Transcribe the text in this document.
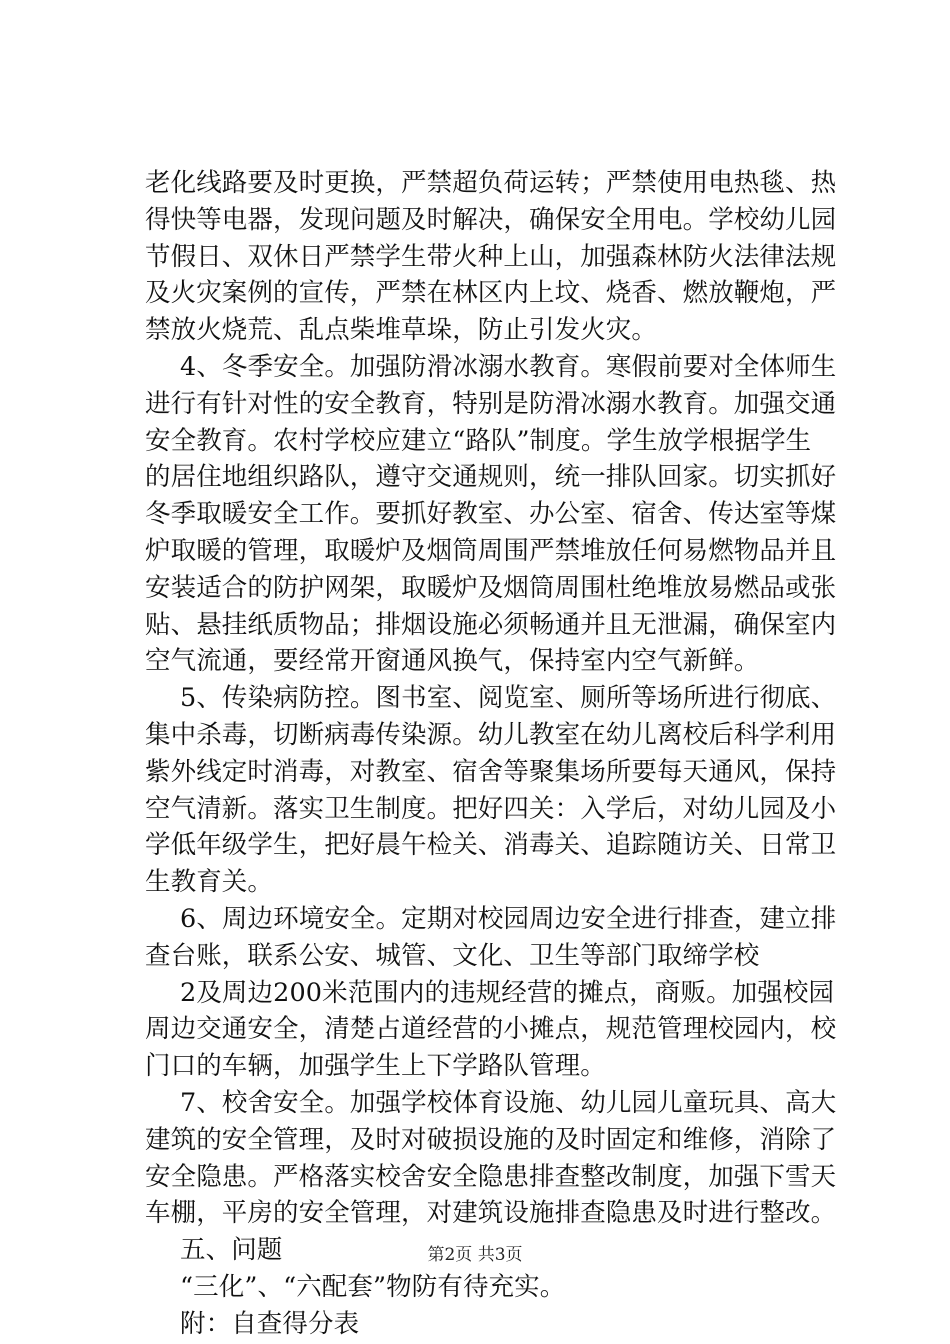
老化线路要及时更换，严禁超负荷运转；严禁使用电热毯、热
得快等电器，发现问题及时解决，确保安全用电。学校幼儿园
节假日、双休日严禁学生带火种上山，加强森林防火法律法规
及火灾案例的宣传，严禁在林区内上坟、烧香、燃放鞭炮，严
禁放火烧荒、乱点柴堆草垛，防止引发火灾。
4、冬季安全。加强防滑冰溺水教育。寒假前要对全体师生
进行有针对性的安全教育，特别是防滑冰溺水教育。加强交通
安全教育。农村学校应建立“路队”制度。学生放学根据学生
的居住地组织路队，遵守交通规则，统一排队回家。切实抓好
冬季取暖安全工作。要抓好教室、办公室、宿舍、传达室等煤
炉取暖的管理，取暖炉及烟筒周围严禁堆放任何易燃物品并且
安装适合的防护网架，取暖炉及烟筒周围杜绝堆放易燃品或张
贴、悬挂纸质物品；排烟设施必须畅通并且无泄漏，确保室内
空气流通，要经常开窗通风换气，保持室内空气新鲜。
5、传染病防控。图书室、阅览室、厕所等场所进行彻底、
集中杀毒，切断病毒传染源。幼儿教室在幼儿离校后科学利用
紫外线定时消毒，对教室、宿舍等聚集场所要每天通风，保持
空气清新。落实卫生制度。把好四关：入学后，对幼儿园及小
学低年级学生，把好晨午检关、消毒关、追踪随访关、日常卫
生教育关。
6、周边环境安全。定期对校园周边安全进行排查，建立排
查台账，联系公安、城管、文化、卫生等部门取缔学校
2及周边200米范围内的违规经营的摊点，商贩。加强校园
周边交通安全，清楚占道经营的小摊点，规范管理校园内，校
门口的车辆，加强学生上下学路队管理。
7、校舍安全。加强学校体育设施、幼儿园儿童玩具、高大
建筑的安全管理，及时对破损设施的及时固定和维修，消除了
安全隐患。严格落实校舍安全隐患排查整改制度，加强下雪天
车棚，平房的安全管理，对建筑设施排查隐患及时进行整改。
五、问题
“三化”、“六配套”物防有待充实。
附：自查得分表
第2页 共3页
